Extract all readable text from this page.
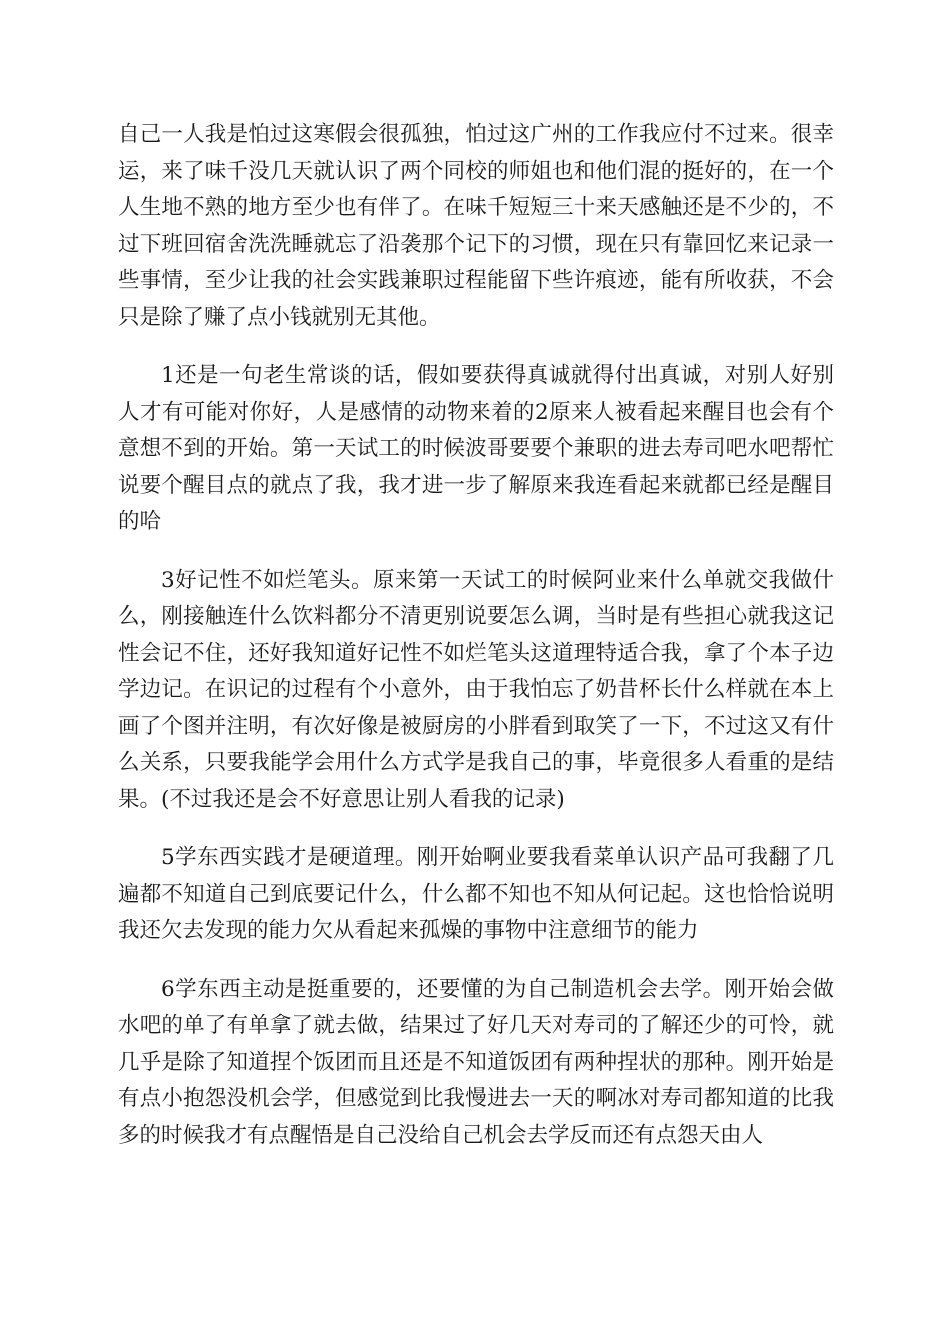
自己一人我是怕过这寒假会很孤独，怕过这广州的工作我应付不过来。很幸运，来了味千没几天就认识了两个同校的师姐也和他们混的挺好的，在一个人生地不熟的地方至少也有伴了。在味千短短三十来天感触还是不少的，不过下班回宿舍洗洗睡就忘了沿袭那个记下的习惯，现在只有靠回忆来记录一些事情，至少让我的社会实践兼职过程能留下些许痕迹，能有所收获，不会只是除了赚了点小钱就别无其他。

1还是一句老生常谈的话，假如要获得真诚就得付出真诚，对别人好别人才有可能对你好，人是感情的动物来着的2原来人被看起来醒目也会有个意想不到的开始。第一天试工的时候波哥要要个兼职的进去寿司吧水吧帮忙说要个醒目点的就点了我，我才进一步了解原来我连看起来就都已经是醒目的哈

3好记性不如烂笔头。原来第一天试工的时候阿业来什么单就交我做什么，刚接触连什么饮料都分不清更别说要怎么调，当时是有些担心就我这记性会记不住，还好我知道好记性不如烂笔头这道理特适合我，拿了个本子边学边记。在识记的过程有个小意外，由于我怕忘了奶昔杯长什么样就在本上画了个图并注明，有次好像是被厨房的小胖看到取笑了一下，不过这又有什么关系，只要我能学会用什么方式学是我自己的事，毕竟很多人看重的是结果。(不过我还是会不好意思让别人看我的记录)

5学东西实践才是硬道理。刚开始啊业要我看菜单认识产品可我翻了几遍都不知道自己到底要记什么，什么都不知也不知从何记起。这也恰恰说明我还欠去发现的能力欠从看起来孤燥的事物中注意细节的能力

6学东西主动是挺重要的，还要懂的为自己制造机会去学。刚开始会做水吧的单了有单拿了就去做，结果过了好几天对寿司的了解还少的可怜，就几乎是除了知道捏个饭团而且还是不知道饭团有两种捏状的那种。刚开始是有点小抱怨没机会学，但感觉到比我慢进去一天的啊冰对寿司都知道的比我多的时候我才有点醒悟是自己没给自己机会去学反而还有点怨天由人
